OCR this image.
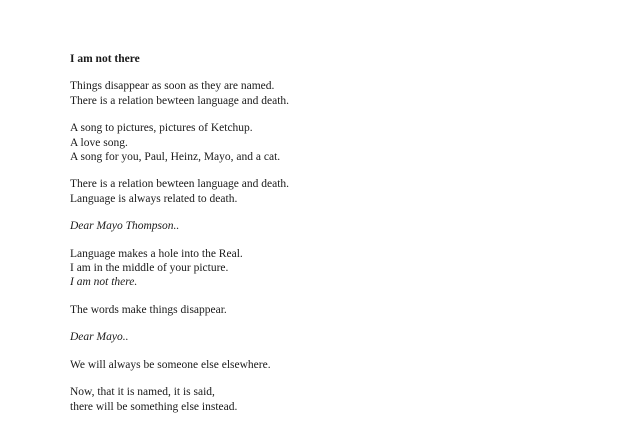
I am not there
Things disappear as soon as they are named.
There is a relation bewteen language and death.
A song to pictures, pictures of Ketchup.
A love song.
A song for you, Paul, Heinz, Mayo, and a cat.
There is a relation bewteen language and death.
Language is always related to death.
Dear Mayo Thompson..
Language makes a hole into the Real.
I am in the middle of your picture.
I am not there.
The words make things disappear.
Dear Mayo..
We will always be someone else elsewhere.
Now, that it is named, it is said,
there will be something else instead.
